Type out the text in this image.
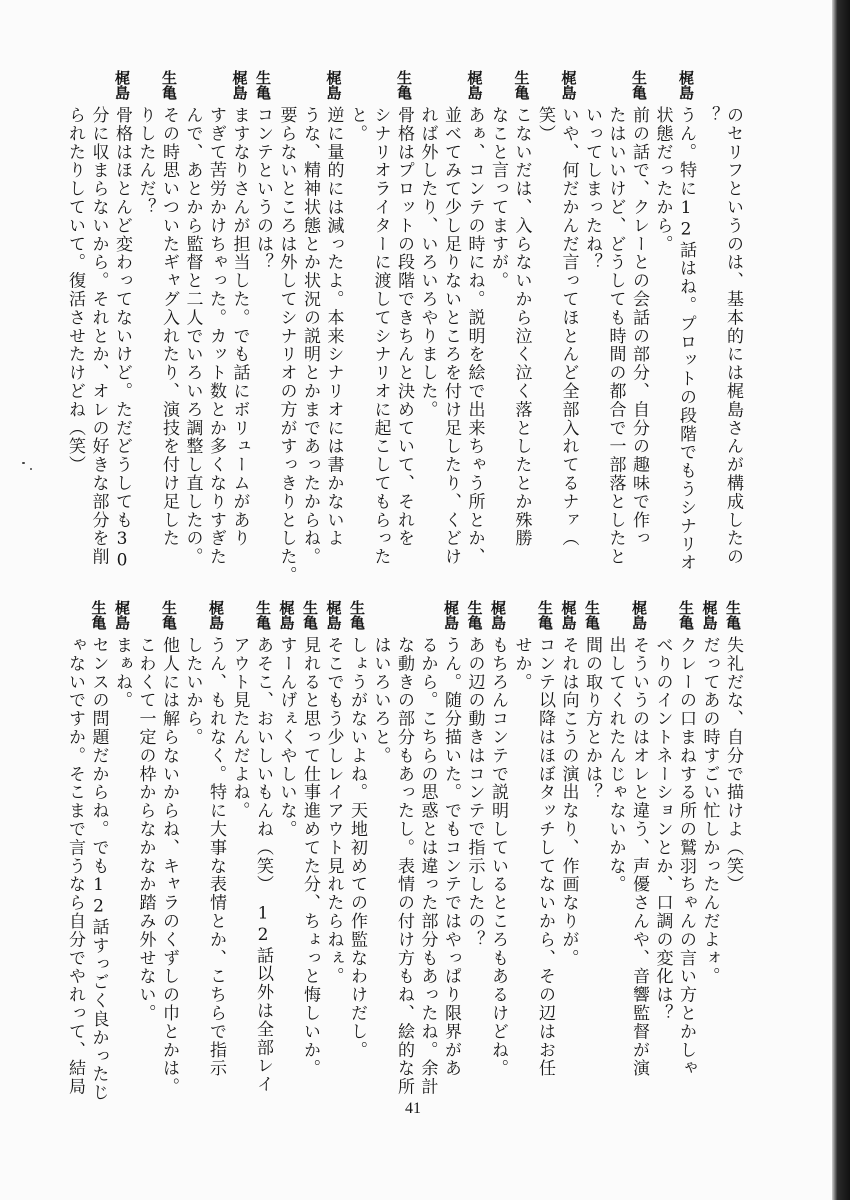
のセリフというのは、基本的には梶島さんが構成したの
？
梶島
うん。特に12話はね。プロットの段階でもうシナリオ
状態だったから。
生亀
前の話で、クレーとの会話の部分、自分の趣味で作っ
たはいいけど、どうしても時間の都合で一部落としたと
いってしまったね？
梶島
いや、何だかんだ言ってほとんど全部入れてるナァ（
笑）
生亀
こないだは、入らないから泣く泣く落としたとか殊勝
なこと言ってますが。
梶島
あぁ、コンテの時にね。説明を絵で出来ちゃう所とか、
並べてみて少し足りないところを付け足したり、くどけ
れば外したり、いろいろやりました。
生亀
骨格はプロットの段階できちんと決めていて、それを
シナリオライターに渡してシナリオに起こしてもらった
と。
梶島
逆に量的には減ったよ。本来シナリオには書かないよ
うな、精神状態とか状況の説明とかまであったからね。
要らないところは外してシナリオの方がすっきりとした。
生亀
コンテというのは？
梶島
ますなりさんが担当した。でも話にボリュームがあり
すぎて苦労かけちゃった。カット数とか多くなりすぎた
んで、あとから監督と二人でいろいろ調整し直したの。
生亀
その時思いついたギャグ入れたり、演技を付け足した
りしたんだ？
梶島
骨格はほとんど変わってないけど。ただどうしても30
分に収まらないから。それとか、オレの好きな部分を削
られたりしていて。復活させたけどね（笑）
生亀
失礼だな、自分で描けよ（笑）
梶島
だってあの時すごい忙しかったんだよォ。
生亀
クレーの口まねする所の鷲羽ちゃんの言い方とかしゃ
べりのイントネーションとか、口調の変化は？
梶島
そういうのはオレと違う、声優さんや、音響監督が演
出してくれたんじゃないかな。
生亀
間の取り方とかは？
梶島
それは向こうの演出なり、作画なりが。
生亀
コンテ以降はほぼタッチしてないから、その辺はお任
せか。
梶島
もちろんコンテで説明しているところもあるけどね。
生亀
あの辺の動きはコンテで指示したの？
梶島
うん。随分描いた。でもコンテではやっぱり限界があ
るから。こちらの思惑とは違った部分もあったね。余計
な動きの部分もあったし。表情の付け方もね、絵的な所
はいろいろと。
生亀
しょうがないよね。天地初めての作監なわけだし。
梶島
そこでもう少しレイアウト見れたらねぇ。
生亀
見れると思って仕事進めてた分、ちょっと悔しいか。
梶島
すーんげぇくやしいな。
生亀
あそこ、おいしいもんね（笑）　12話以外は全部レイ
アウト見たんだよね。
梶島
うん、もれなく。特に大事な表情とか、こちらで指示
したいから。
生亀
他人には解らないからね、キャラのくずしの巾とかは。
こわくて一定の枠からなかなか踏み外せない。
梶島
まぁね。
生亀
センスの問題だからね。でも12話すっごく良かったじ
ゃないですか。そこまで言うなら自分でやれって、結局
41
